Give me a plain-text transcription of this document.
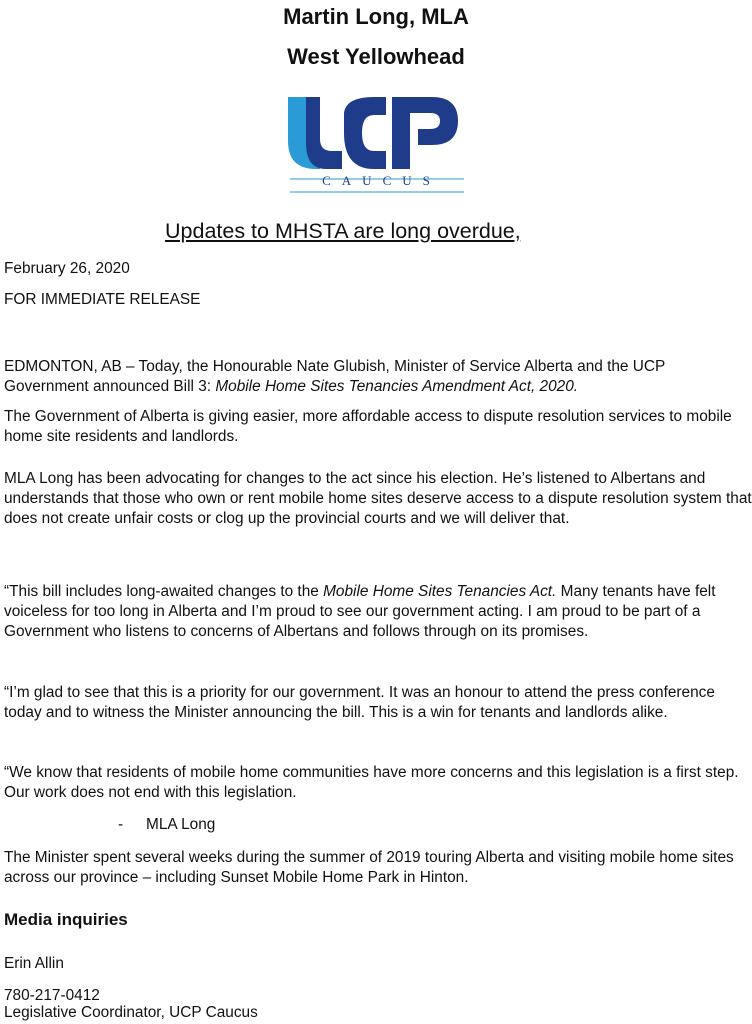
Martin Long, MLA
West Yellowhead
CAUCUS
Updates to MHSTA are long overdue,
February 26, 2020
FOR IMMEDIATE RELEASE
EDMONTON, AB – Today, the Honourable Nate Glubish, Minister of Service Alberta and the UCP Government announced Bill 3: Mobile Home Sites Tenancies Amendment Act, 2020.
The Government of Alberta is giving easier, more affordable access to dispute resolution services to mobile home site residents and landlords.
MLA Long has been advocating for changes to the act since his election. He’s listened to Albertans and understands that those who own or rent mobile home sites deserve access to a dispute resolution system that does not create unfair costs or clog up the provincial courts and we will deliver that.
“This bill includes long-awaited changes to the Mobile Home Sites Tenancies Act. Many tenants have felt voiceless for too long in Alberta and I’m proud to see our government acting. I am proud to be part of a Government who listens to concerns of Albertans and follows through on its promises.
“I’m glad to see that this is a priority for our government. It was an honour to attend the press conference today and to witness the Minister announcing the bill. This is a win for tenants and landlords alike.
“We know that residents of mobile home communities have more concerns and this legislation is a first step. Our work does not end with this legislation.
- MLA Long
The Minister spent several weeks during the summer of 2019 touring Alberta and visiting mobile home sites across our province – including Sunset Mobile Home Park in Hinton.
Media inquiries
Erin Allin
780-217-0412
Legislative Coordinator, UCP Caucus
